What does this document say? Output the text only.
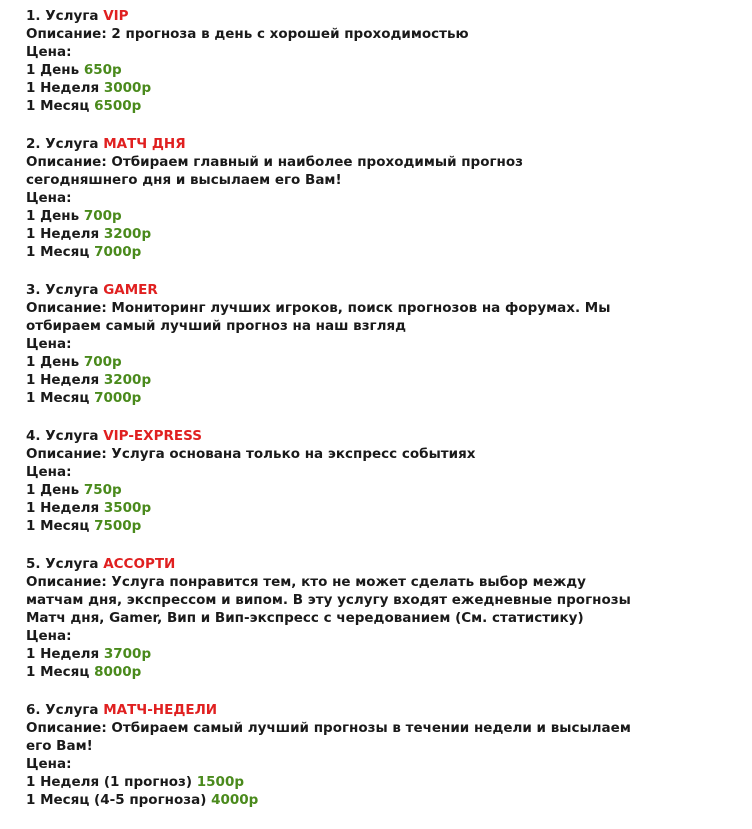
1. Услуга VIP
Описание: 2 прогноза в день с хорошей проходимостью
Цена:
1 День 650р
1 Неделя 3000р
1 Месяц 6500р
2. Услуга МАТЧ ДНЯ
Описание: Отбираем главный и наиболее проходимый прогноз
сегодняшнего дня и высылаем его Вам!
Цена:
1 День 700р
1 Неделя 3200р
1 Месяц 7000р
3. Услуга GAMER
Описание: Мониторинг лучших игроков, поиск прогнозов на форумах. Мы
отбираем самый лучший прогноз на наш взгляд
Цена:
1 День 700р
1 Неделя 3200р
1 Месяц 7000р
4. Услуга VIP-EXPRESS
Описание: Услуга основана только на экспресс событиях
Цена:
1 День 750р
1 Неделя 3500р
1 Месяц 7500р
5. Услуга АССОРТИ
Описание: Услуга понравится тем, кто не может сделать выбор между
матчам дня, экспрессом и випом. В эту услугу входят ежедневные прогнозы
Матч дня, Gamer, Вип и Вип-экспресс с чередованием (См. статистику)
Цена:
1 Неделя 3700р
1 Месяц 8000р
6. Услуга МАТЧ-НЕДЕЛИ
Описание: Отбираем самый лучший прогнозы в течении недели и высылаем
его Вам!
Цена:
1 Неделя (1 прогноз) 1500р
1 Месяц (4-5 прогноза) 4000р
